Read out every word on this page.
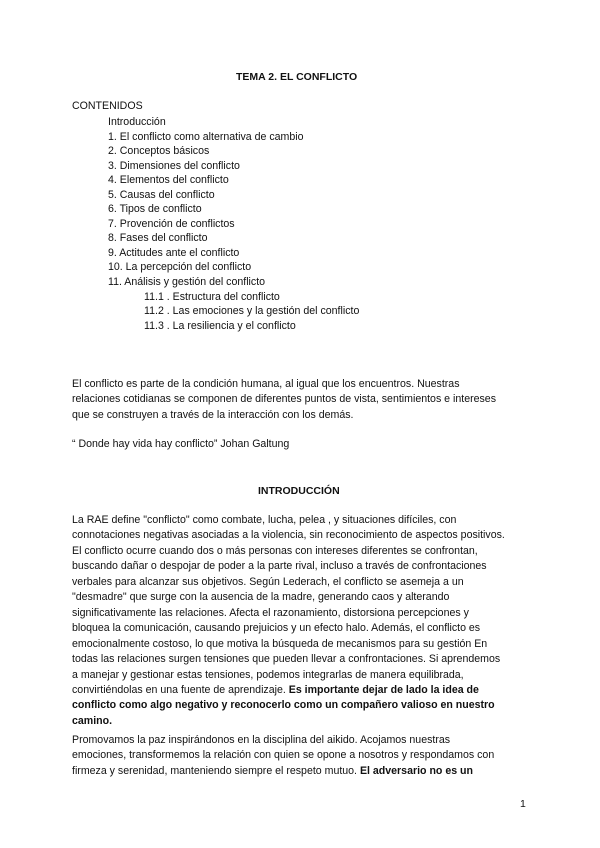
TEMA 2. EL CONFLICTO
CONTENIDOS
Introducción
1. El conflicto como alternativa de cambio
2. Conceptos básicos
3. Dimensiones del conflicto
4. Elementos del conflicto
5. Causas del conflicto
6. Tipos de conflicto
7. Provención de conflictos
8. Fases del conflicto
9. Actitudes ante el conflicto
10. La percepción del conflicto
11. Análisis y gestión del conflicto
11.1 . Estructura del conflicto
11.2 . Las emociones y la gestión del conflicto
11.3 . La resiliencia y el conflicto
El conflicto es parte de la condición humana, al igual que los encuentros. Nuestras
relaciones cotidianas se componen de diferentes puntos de vista, sentimientos e intereses
que se construyen a través de la interacción con los demás.
“ Donde hay vida hay conflicto” Johan Galtung
INTRODUCCIÓN
La RAE define "conflicto" como combate, lucha, pelea , y situaciones difíciles, con
connotaciones negativas asociadas a la violencia, sin reconocimiento de aspectos positivos.
El conflicto ocurre cuando dos o más personas con intereses diferentes se confrontan,
buscando dañar o despojar de poder a la parte rival, incluso a través de confrontaciones
verbales para alcanzar sus objetivos. Según Lederach, el conflicto se asemeja a un
"desmadre" que surge con la ausencia de la madre, generando caos y alterando
significativamente las relaciones. Afecta el razonamiento, distorsiona percepciones y
bloquea la comunicación, causando prejuicios y un efecto halo. Además, el conflicto es
emocionalmente costoso, lo que motiva la búsqueda de mecanismos para su gestión En
todas las relaciones surgen tensiones que pueden llevar a confrontaciones. Si aprendemos
a manejar y gestionar estas tensiones, podemos integrarlas de manera equilibrada,
convirtiéndolas en una fuente de aprendizaje. Es importante dejar de lado la idea de
conflicto como algo negativo y reconocerlo como un compañero valioso en nuestro
camino.
Promovamos la paz inspirándonos en la disciplina del aikido. Acojamos nuestras
emociones, transformemos la relación con quien se opone a nosotros y respondamos con
firmeza y serenidad, manteniendo siempre el respeto mutuo. El adversario no es un
1
